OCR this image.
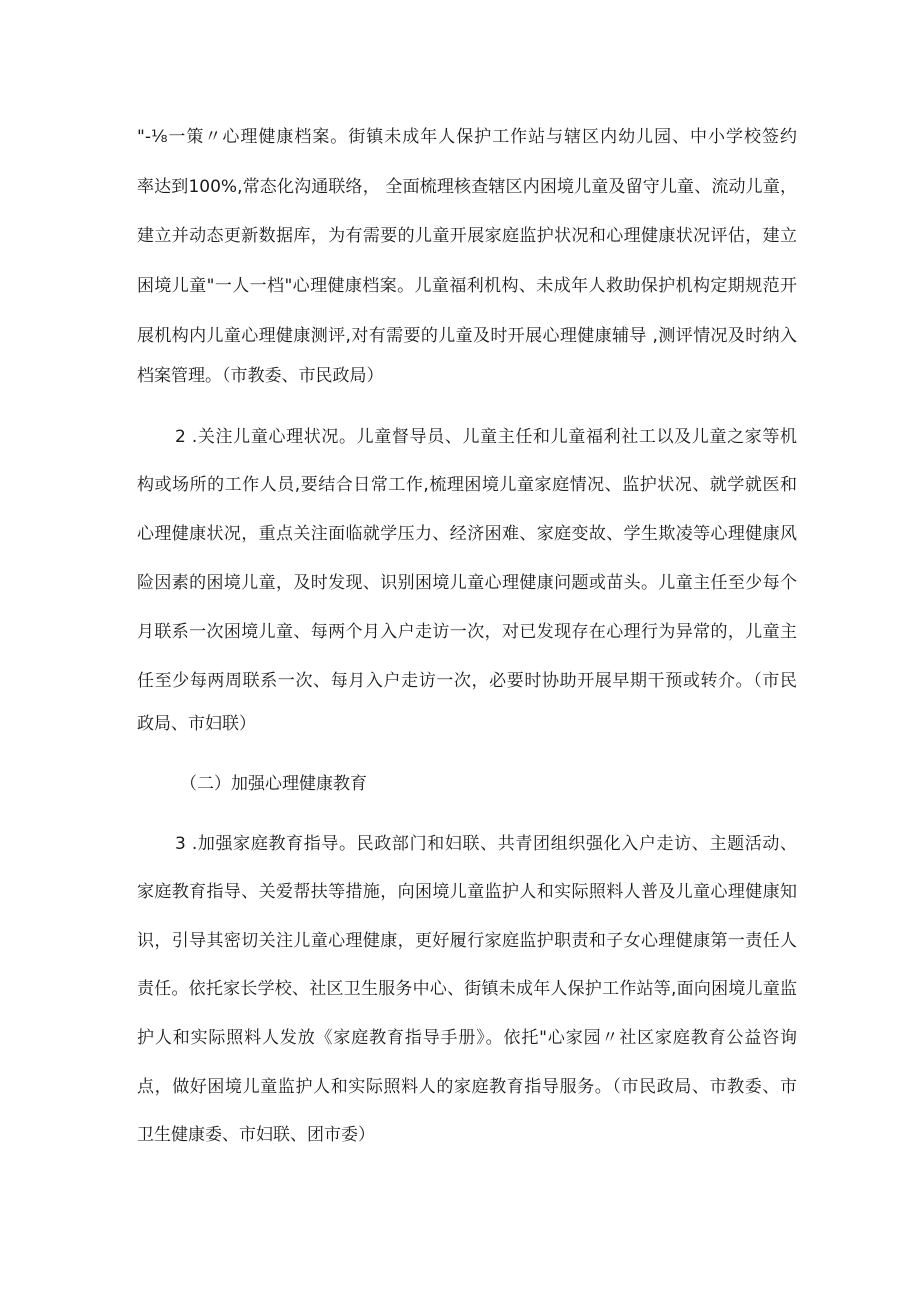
"-⅛一策〃心理健康档案。街镇未成年人保护工作站与辖区内幼儿园、中小学校签约
率达到100%,常态化沟通联络， 全面梳理核查辖区内困境儿童及留守儿童、流动儿童，
建立并动态更新数据库，为有需要的儿童开展家庭监护状况和心理健康状况评估，建立
困境儿童"一人一档"心理健康档案。儿童福利机构、未成年人救助保护机构定期规范开
展机构内儿童心理健康测评,对有需要的儿童及时开展心理健康辅导 ,测评情况及时纳入
档案管理。（市教委、市民政局）
2 .关注儿童心理状况。儿童督导员、儿童主任和儿童福利社工以及儿童之家等机
构或场所的工作人员,要结合日常工作,梳理困境儿童家庭情况、监护状况、就学就医和
心理健康状况，重点关注面临就学压力、经济困难、家庭变故、学生欺凌等心理健康风
险因素的困境儿童，及时发现、识别困境儿童心理健康问题或苗头。儿童主任至少每个
月联系一次困境儿童、每两个月入户走访一次，对已发现存在心理行为异常的，儿童主
任至少每两周联系一次、每月入户走访一次，必要时协助开展早期干预或转介。（市民
政局、市妇联）
（二）加强心理健康教育
3 .加强家庭教育指导。民政部门和妇联、共青团组织强化入户走访、主题活动、
家庭教育指导、关爱帮扶等措施，向困境儿童监护人和实际照料人普及儿童心理健康知
识，引导其密切关注儿童心理健康，更好履行家庭监护职责和子女心理健康第一责任人
责任。依托家长学校、社区卫生服务中心、街镇未成年人保护工作站等,面向困境儿童监
护人和实际照料人发放《家庭教育指导手册》。依托"心家园〃社区家庭教育公益咨询
点，做好困境儿童监护人和实际照料人的家庭教育指导服务。（市民政局、市教委、市
卫生健康委、市妇联、团市委）
